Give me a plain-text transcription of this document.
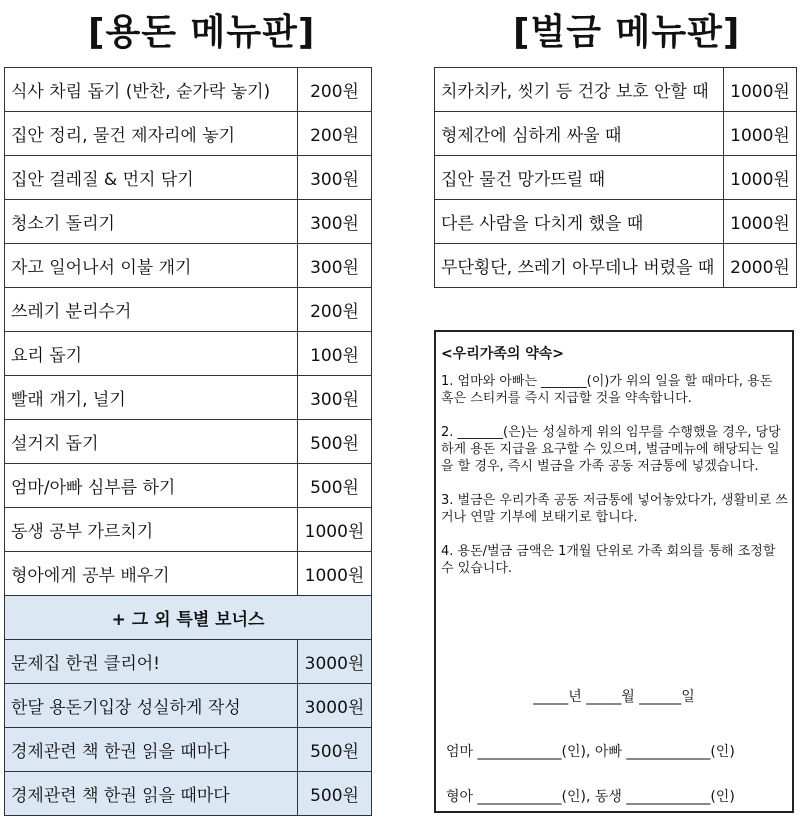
[용돈 메뉴판]	[벌금 메뉴판]
식사 차림 돕기 (반찬, 숟가락 놓기)	200원
집안 정리, 물건 제자리에 놓기	200원
집안 걸레질 & 먼지 닦기	300원
청소기 돌리기	300원
자고 일어나서 이불 개기	300원
쓰레기 분리수거	200원
요리 돕기	100원
빨래 개기, 널기	300원
설거지 돕기	500원
엄마/아빠 심부름 하기	500원
동생 공부 가르치기	1000원
형아에게 공부 배우기	1000원
+ 그 외 특별 보너스	
문제집 한권 클리어!	3000원
한달 용돈기입장 성실하게 작성	3000원
경제관련 책 한권 읽을 때마다	500원
경제관련 책 한권 읽을 때마다	500원
치카치카, 씻기 등 건강 보호 안할 때	1000원
형제간에 심하게 싸울 때	1000원
집안 물건 망가뜨릴 때	1000원
다른 사람을 다치게 했을 때	1000원
무단횡단, 쓰레기 아무데나 버렸을 때	2000원
<우리가족의 약속>
1. 엄마와 아빠는 _______(이)가 위의 일을 할 때마다, 용돈 혹은 스티커를 즉시 지급할 것을 약속합니다.
2. _______(은)는 성실하게 위의 임무를 수행했을 경우, 당당하게 용돈 지급을 요구할 수 있으며, 벌금메뉴에 해당되는 일을 할 경우, 즉시 벌금을 가족 공동 저금통에 넣겠습니다.
3. 벌금은 우리가족 공동 저금통에 넣어놓았다가, 생활비로 쓰거나 연말 기부에 보태기로 합니다.
4. 용돈/벌금 금액은 1개월 단위로 가족 회의를 통해 조정할 수 있습니다.
_____년 _____월 ______일
엄마 ____________(인), 아빠 ____________(인)
형아 ____________(인), 동생 ____________(인)
